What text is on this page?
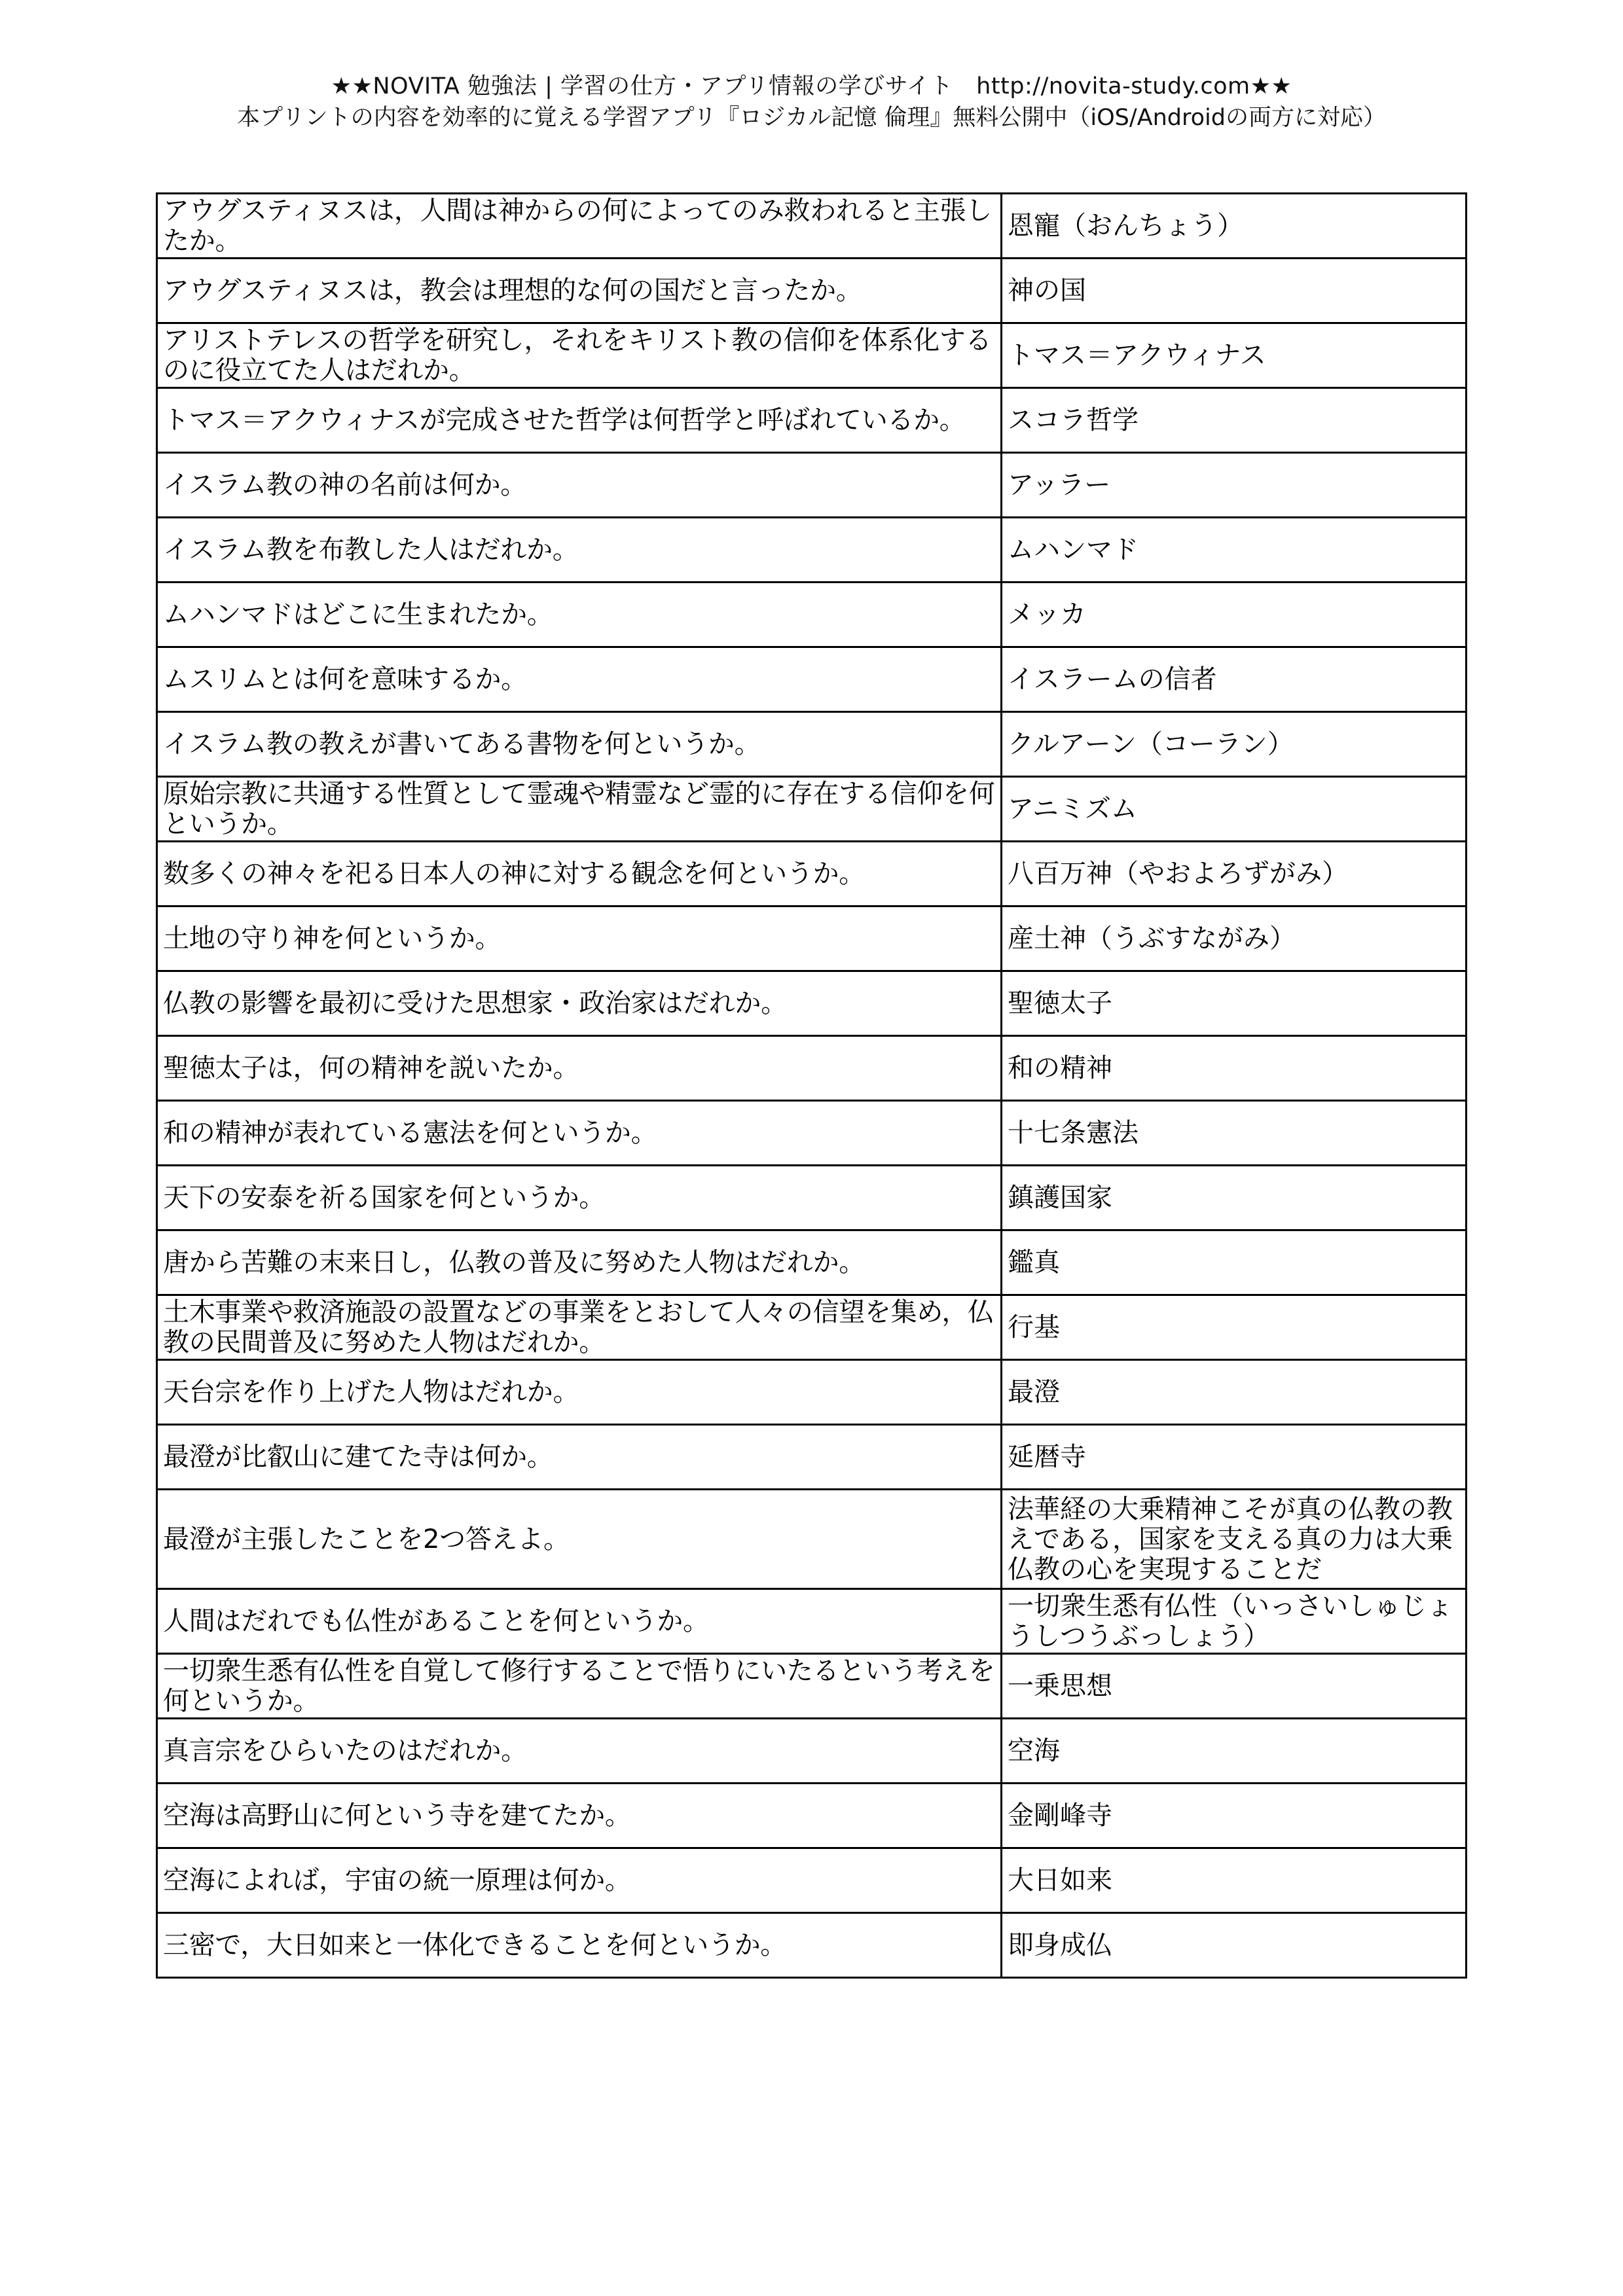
★★NOVITA 勉強法 | 学習の仕方・アプリ情報の学びサイト　http://novita-study.com★★
本プリントの内容を効率的に覚える学習アプリ『ロジカル記憶 倫理』無料公開中（iOS/Androidの両方に対応）
アウグスティヌスは，人間は神からの何によってのみ救われると主張したか。	恩寵（おんちょう）

アウグスティヌスは，教会は理想的な何の国だと言ったか。	神の国

アリストテレスの哲学を研究し，それをキリスト教の信仰を体系化するのに役立てた人はだれか。	トマス＝アクウィナス

トマス＝アクウィナスが完成させた哲学は何哲学と呼ばれているか。	スコラ哲学

イスラム教の神の名前は何か。	アッラー

イスラム教を布教した人はだれか。	ムハンマド

ムハンマドはどこに生まれたか。	メッカ

ムスリムとは何を意味するか。	イスラームの信者

イスラム教の教えが書いてある書物を何というか。	クルアーン（コーラン）

原始宗教に共通する性質として霊魂や精霊など霊的に存在する信仰を何というか。	アニミズム

数多くの神々を祀る日本人の神に対する観念を何というか。	八百万神（やおよろずがみ）

土地の守り神を何というか。	産土神（うぶすながみ）

仏教の影響を最初に受けた思想家・政治家はだれか。	聖徳太子

聖徳太子は，何の精神を説いたか。	和の精神

和の精神が表れている憲法を何というか。	十七条憲法

天下の安泰を祈る国家を何というか。	鎮護国家

唐から苦難の末来日し，仏教の普及に努めた人物はだれか。	鑑真

土木事業や救済施設の設置などの事業をとおして人々の信望を集め，仏教の民間普及に努めた人物はだれか。	行基

天台宗を作り上げた人物はだれか。	最澄

最澄が比叡山に建てた寺は何か。	延暦寺

最澄が主張したことを2つ答えよ。	法華経の大乗精神こそが真の仏教の教えである，国家を支える真の力は大乗仏教の心を実現することだ

人間はだれでも仏性があることを何というか。	一切衆生悉有仏性（いっさいしゅじょうしつうぶっしょう）

一切衆生悉有仏性を自覚して修行することで悟りにいたるという考えを何というか。	一乗思想

真言宗をひらいたのはだれか。	空海

空海は高野山に何という寺を建てたか。	金剛峰寺

空海によれば，宇宙の統一原理は何か。	大日如来

三密で，大日如来と一体化できることを何というか。	即身成仏
